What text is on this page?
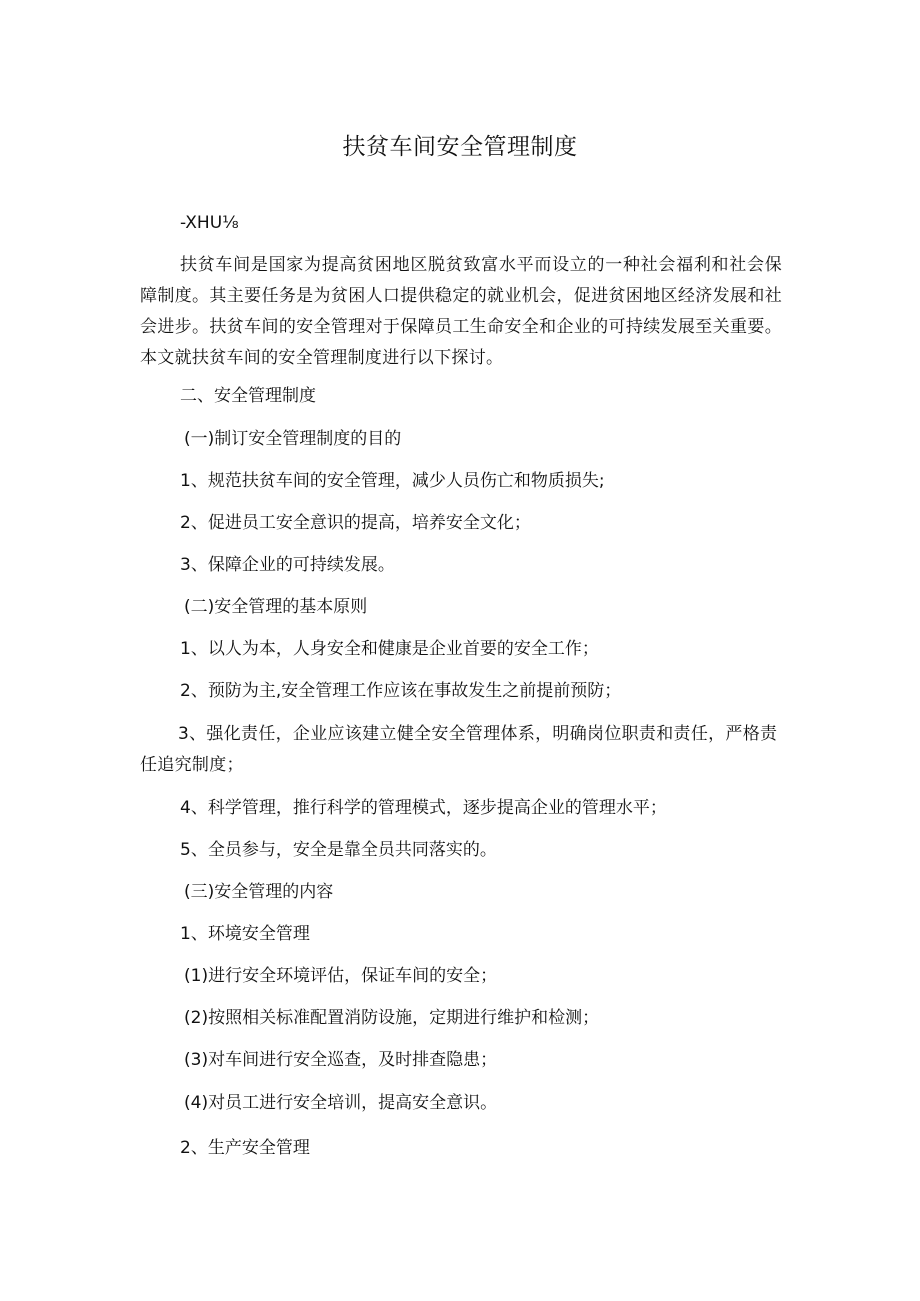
扶贫车间安全管理制度
-XHU⅛
扶贫车间是国家为提高贫困地区脱贫致富水平而设立的一种社会福利和社会保障制度。其主要任务是为贫困人口提供稳定的就业机会，促进贫困地区经济发展和社会进步。扶贫车间的安全管理对于保障员工生命安全和企业的可持续发展至关重要。本文就扶贫车间的安全管理制度进行以下探讨。
二、安全管理制度
(一)制订安全管理制度的目的
1、规范扶贫车间的安全管理，减少人员伤亡和物质损失;
2、促进员工安全意识的提高，培养安全文化；
3、保障企业的可持续发展。
(二)安全管理的基本原则
1、以人为本，人身安全和健康是企业首要的安全工作；
2、预防为主,安全管理工作应该在事故发生之前提前预防；
3、强化责任，企业应该建立健全安全管理体系，明确岗位职责和责任，严格责任追究制度；
4、科学管理，推行科学的管理模式，逐步提高企业的管理水平；
5、全员参与，安全是靠全员共同落实的。
(三)安全管理的内容
1、环境安全管理
(1)进行安全环境评估，保证车间的安全；
(2)按照相关标准配置消防设施，定期进行维护和检测；
(3)对车间进行安全巡查，及时排查隐患；
(4)对员工进行安全培训，提高安全意识。
2、生产安全管理
